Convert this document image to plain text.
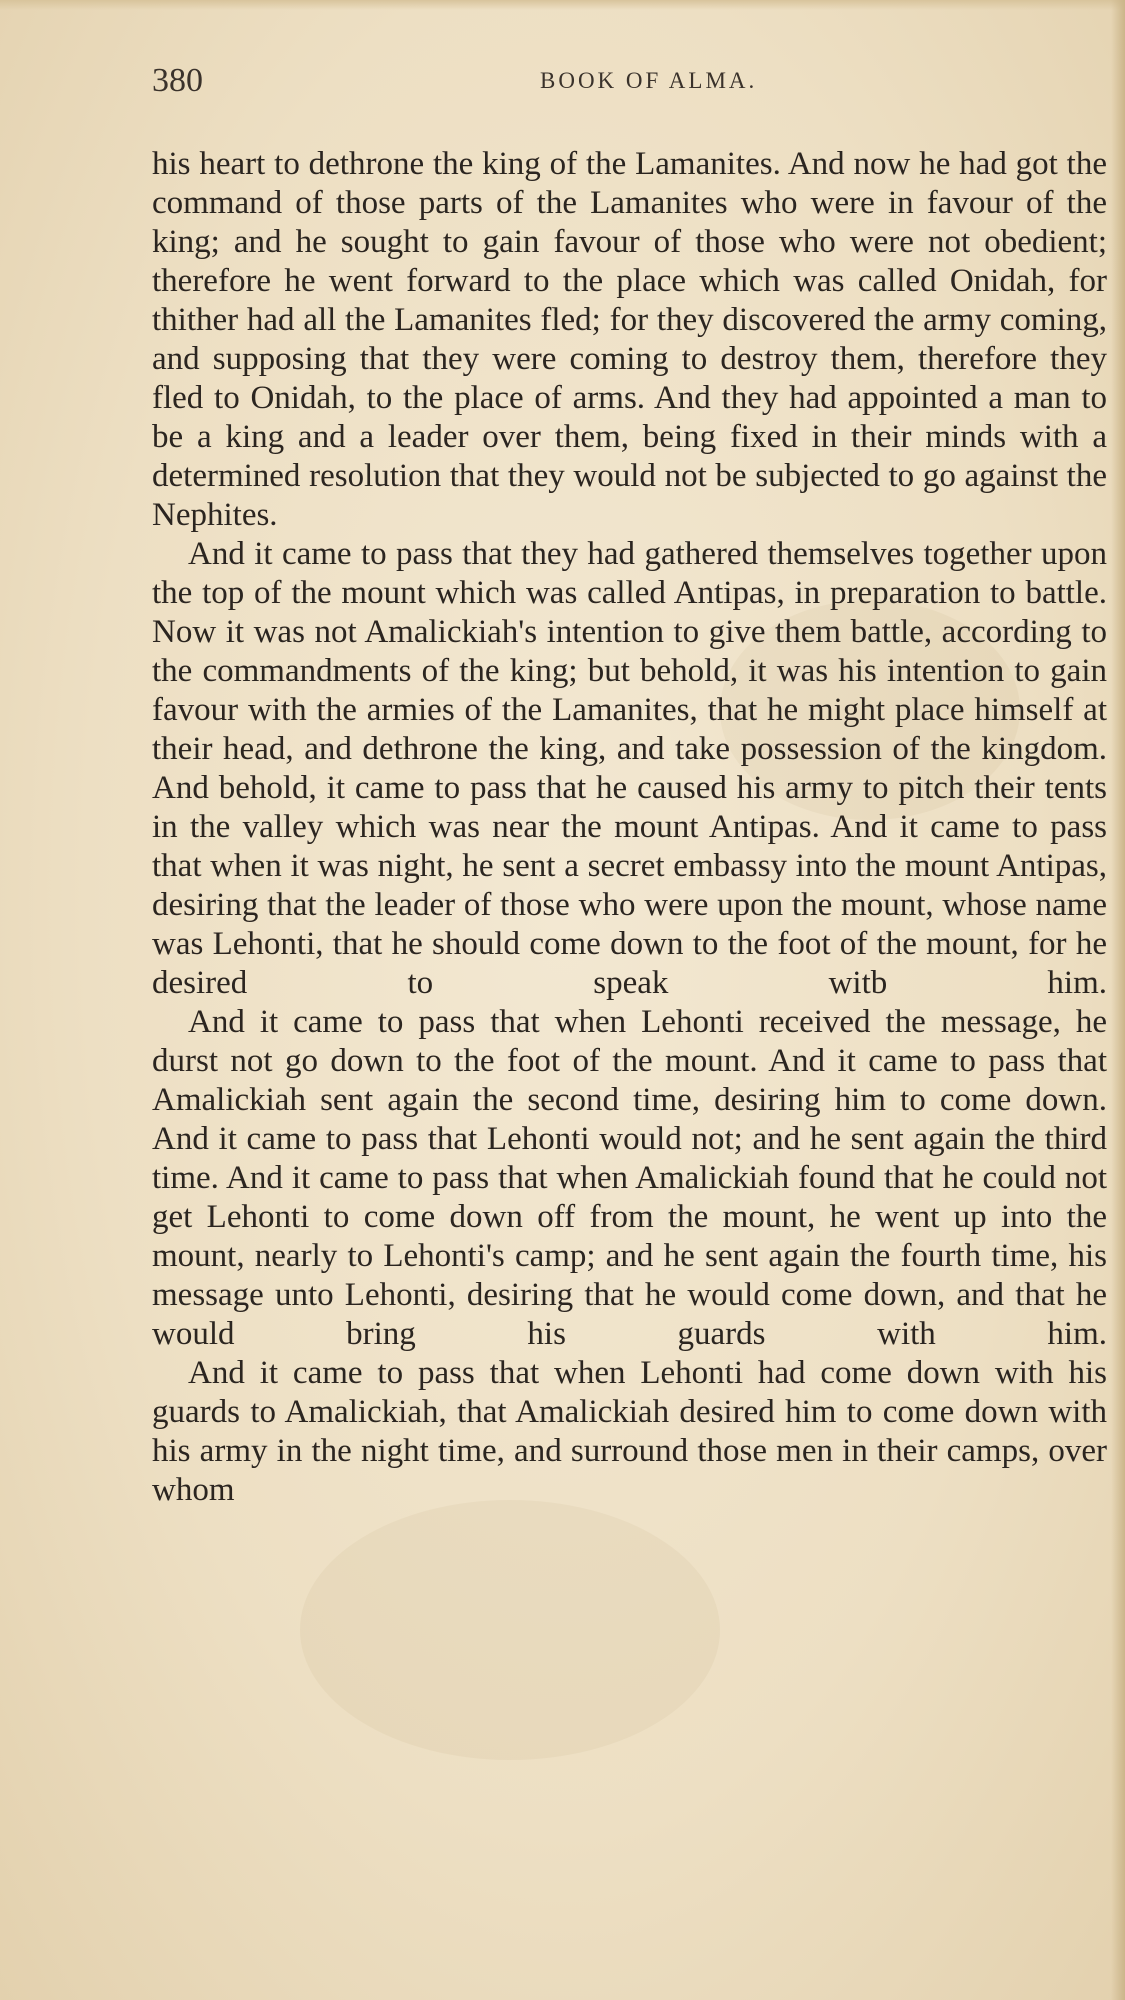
380	BOOK OF ALMA.

his heart to dethrone the king of the Lamanites. And now he had got the command of those parts of the Lamanites who were in favour of the king; and he sought to gain favour of those who were not obedient; therefore he went forward to the place which was called Onidah, for thither had all the Lamanites fled; for they discovered the army coming, and supposing that they were coming to destroy them, therefore they fled to Onidah, to the place of arms. And they had appointed a man to be a king and a leader over them, being fixed in their minds with a determined resolution that they would not be subjected to go against the Nephites.

And it came to pass that they had gathered themselves together upon the top of the mount which was called Antipas, in preparation to battle. Now it was not Amalickiah's intention to give them battle, according to the commandments of the king; but behold, it was his intention to gain favour with the armies of the Lamanites, that he might place himself at their head, and dethrone the king, and take possession of the kingdom. And behold, it came to pass that he caused his army to pitch their tents in the valley which was near the mount Antipas. And it came to pass that when it was night, he sent a secret embassy into the mount Antipas, desiring that the leader of those who were upon the mount, whose name was Lehonti, that he should come down to the foot of the mount, for he desired to speak witb him.

And it came to pass that when Lehonti received the message, he durst not go down to the foot of the mount. And it came to pass that Amalickiah sent again the second time, desiring him to come down. And it came to pass that Lehonti would not; and he sent again the third time. And it came to pass that when Amalickiah found that he could not get Lehonti to come down off from the mount, he went up into the mount, nearly to Lehonti's camp; and he sent again the fourth time, his message unto Lehonti, desiring that he would come down, and that he would bring his guards with him.

And it came to pass that when Lehonti had come down with his guards to Amalickiah, that Amalickiah desired him to come down with his army in the night time, and surround those men in their camps, over whom
